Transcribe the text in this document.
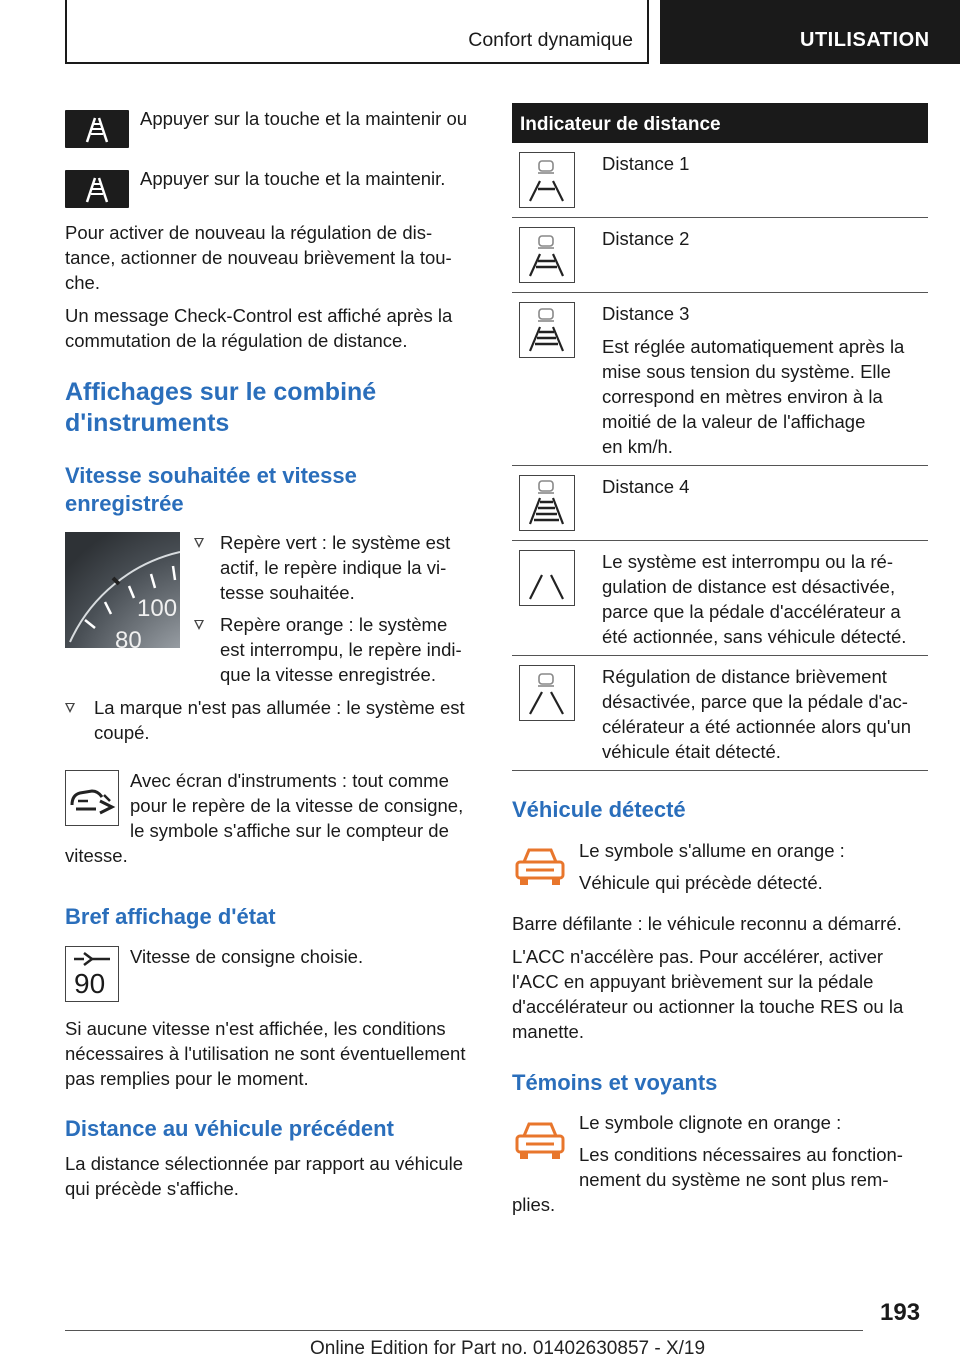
Confort dynamique	UTILISATION
Appuyer sur la touche et la maintenir ou
Appuyer sur la touche et la maintenir.
Pour activer de nouveau la régulation de dis-
tance, actionner de nouveau brièvement la tou-
che.
Un message Check-Control est affiché après la
commutation de la régulation de distance.
Affichages sur le combiné
d'instruments
Vitesse souhaitée et vitesse
enregistrée
100
80
Repère vert : le système est
actif, le repère indique la vi-
tesse souhaitée.
Repère orange : le système
est interrompu, le repère indi-
que la vitesse enregistrée.
La marque n'est pas allumée : le système est
coupé.
Avec écran d'instruments : tout comme
pour le repère de la vitesse de consigne,
le symbole s'affiche sur le compteur de
vitesse.
Bref affichage d'état
90
Vitesse de consigne choisie.
Si aucune vitesse n'est affichée, les conditions
nécessaires à l'utilisation ne sont éventuellement
pas remplies pour le moment.
Distance au véhicule précédent
La distance sélectionnée par rapport au véhicule
qui précède s'affiche.
Indicateur de distance
Distance 1
Distance 2
Distance 3
Est réglée automatiquement après la
mise sous tension du système. Elle
correspond en mètres environ à la
moitié de la valeur de l'affichage
en km/h.
Distance 4
Le système est interrompu ou la ré-
gulation de distance est désactivée,
parce que la pédale d'accélérateur a
été actionnée, sans véhicule détecté.
Régulation de distance brièvement
désactivée, parce que la pédale d'ac-
célérateur a été actionnée alors qu'un
véhicule était détecté.
Véhicule détecté
Le symbole s'allume en orange :
Véhicule qui précède détecté.
Barre défilante : le véhicule reconnu a démarré.
L'ACC n'accélère pas. Pour accélérer, activer
l'ACC en appuyant brièvement sur la pédale
d'accélérateur ou actionner la touche RES ou la
manette.
Témoins et voyants
Le symbole clignote en orange :
Les conditions nécessaires au fonction-
nement du système ne sont plus rem-
plies.
193
Online Edition for Part no. 01402630857 - X/19
